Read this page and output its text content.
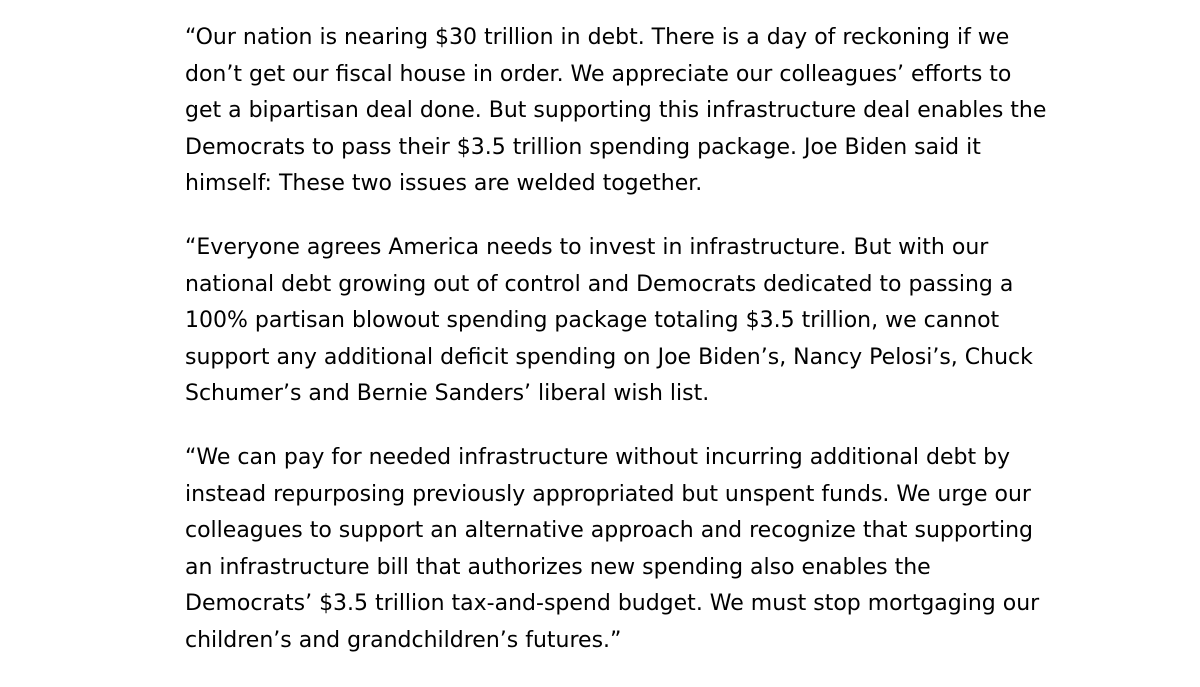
“Our nation is nearing $30 trillion in debt. There is a day of reckoning if we
don’t get our fiscal house in order. We appreciate our colleagues’ efforts to
get a bipartisan deal done. But supporting this infrastructure deal enables the
Democrats to pass their $3.5 trillion spending package. Joe Biden said it
himself: These two issues are welded together.

“Everyone agrees America needs to invest in infrastructure. But with our
national debt growing out of control and Democrats dedicated to passing a
100% partisan blowout spending package totaling $3.5 trillion, we cannot
support any additional deficit spending on Joe Biden’s, Nancy Pelosi’s, Chuck
Schumer’s and Bernie Sanders’ liberal wish list.

“We can pay for needed infrastructure without incurring additional debt by
instead repurposing previously appropriated but unspent funds. We urge our
colleagues to support an alternative approach and recognize that supporting
an infrastructure bill that authorizes new spending also enables the
Democrats’ $3.5 trillion tax-and-spend budget. We must stop mortgaging our
children’s and grandchildren’s futures.”
